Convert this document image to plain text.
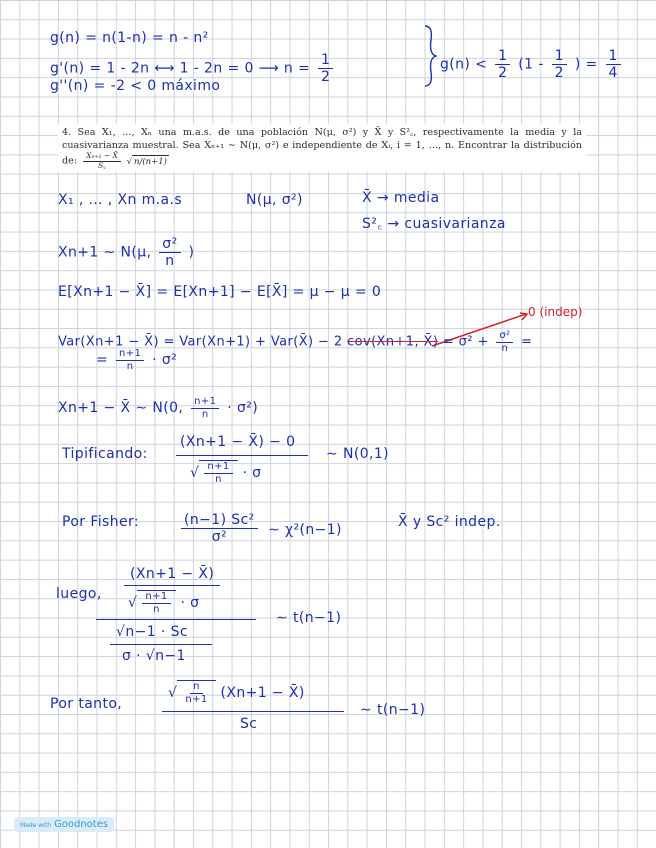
g(n) = n(1-n) = n - n²
g'(n) = 1 - 2n ⟷ 1 - 2n = 0 ⟶ $n = \frac{1}{2}$
g''(n) = -2 < 0 máximo
$g(n) < \frac{1}{2} (1 - \frac{1}{2}$ ) = $\frac{1}{4}$
4. Sea X₁, …, Xₙ una m.a.s. de una población N(μ, σ²) y X̄ y S²꜀, respectivamente la media y la cuasivarianza muestral. Sea Xₙ₊₁ ∼ N(μ, σ²) e independiente de Xᵢ, i = 1, …, n. Encontrar la distribución de: $\frac{\text{Xₙ₊₁ − X̄}}{S꜀}$ √ n/(n+1)
X₁ , … , Xn m.a.s	N(μ, σ²)	X̄ → media
S²꜀ → cuasivarianza
Xn+1 ∼ N(μ, $\frac{\text{σ²}}{n}$ )
E[Xn+1 − X̄] = E[Xn+1] − E[X̄] = μ − μ = 0
0 (indep)
Var(Xn+1 − X̄) = Var(Xn+1) + Var(X̄) − 2 cov(Xn+1, X̄) = $\sigma^2 + \frac{\text{σ²}}{n}$ =
= $\frac{n+1}{n} \cdot \sigma^2$
Xn+1 − X̄ ∼ N(0, $\frac{n+1}{n} \cdot \sigma^2$)
Tipificando:
(Xn+1 − X̄) − 0
√ $\frac{n+1}{n} \cdot \sigma$
∼ N(0,1)
Por Fisher:	$\frac{\text{(n−1) Sc²}}{\text{σ²}}$ ∼ χ²(n−1)	X̄ y Sc² indep.
luego,
(Xn+1 − X̄)
√ $\frac{n+1}{n} \cdot \sigma$
√n−1 · Sc
σ · √n−1
∼ t(n−1)
Por tanto,
√ $\frac{n}{n+1} (Xn+1$ − X̄)
Sc
∼ t(n−1)
Made with Goodnotes
